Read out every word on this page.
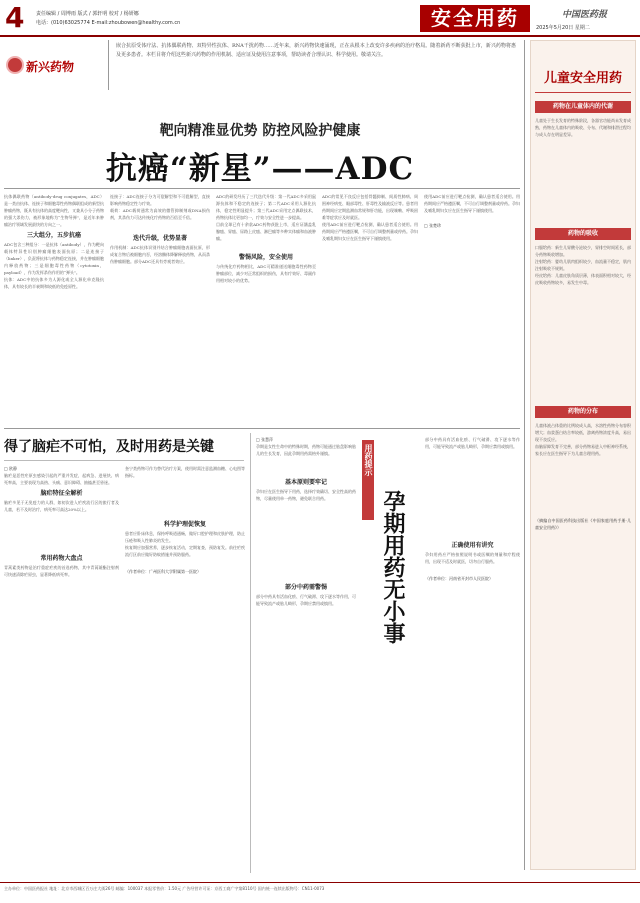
4 责任编辑 / 周博雨 版式 / 郭轩明 校对 / 杨妍娜
电话：(010)63025774 E-mail:zhoubowen@healthy.com.cn	安全用药	中国医药报
2025年5月20日 星期二
新兴药物
嵌合抗原受体疗法、抗体偶联药物、双特异性抗体、RNA干扰药物……近年来，新兴药物快速涌现，正在从根本上改变许多疾病的治疗格局。随着新药不断获批上市，新兴药物将惠及更多患者。本栏目将介绍这些新兴药物的作用机制、适应证及使用注意事项，帮助读者合理认识、科学使用。敬请关注。
靶向精准显优势 防控风险护健康
抗癌“新星”——ADC
抗体偶联药物（antibody-drug conjugates，ADC）是一类由抗体、连接子和细胞毒性药物偶联组成的新型抗肿瘤药物，既具有抗体的高度靶向性，又兼具小分子药物的强大杀伤力，被形象地称为“生物导弹”，是近年来肿瘤治疗领域发展最快的方向之一。
三大组分，五步抗癌
ADC包含三种组分：一是抗体（antibody），作为靶向载体特异性识别肿瘤细胞表面抗原；二是连接子（linker），负责将抗体与药物稳定连接，并在肿瘤细胞内释放药物；三是细胞毒性药物（cytotoxin，payload），作为发挥杀伤作用的“弹头”。
抗体：ADC中的抗体多为人源化或全人源化单克隆抗体，具有较长的半衰期和较低的免疫原性。
连接子：ADC连接子分为可裂解型和不可裂解型，直接影响药物稳定性与疗效。
载荷：ADC载荷通常为高效的微管抑制剂或DNA损伤剂，其杀伤力可达传统化疗药物的百倍至千倍。
迭代升级，优势显著
作用机制：ADC抗体识别并结合肿瘤细胞表面抗原，形成复合物后被细胞内吞，经溶酶体降解释放药物，从而杀伤肿瘤细胞。部分ADC还具有旁观者效应。
ADC的研发经历了三代迭代升级：第一代ADC多采用鼠源抗体和不稳定的连接子；第二代ADC采用人源化抗体，稳定性明显提升；第三代ADC采用定点偶联技术，药物抗体比更加均一，疗效与安全性进一步提高。
目前全球已有十余款ADC药物获批上市，适应证涵盖乳腺癌、胃癌、尿路上皮癌、淋巴瘤等多种实体瘤和血液肿瘤。
警惕风险，安全使用
与传统化疗药物相比，ADC可精准递送细胞毒性药物至肿瘤部位，减少对正常组织的损伤，具有疗效好、毒副作用相对较小的优势。
ADC的常见不良反应包括骨髓抑制、间质性肺病、周围神经病变、眼部毒性、肝毒性及输液反应等。患者用药期间应定期监测血常规和肝功能，出现咳嗽、呼吸困难等症状应及时就医。
使用ADC前应进行靶点检测，确认患者适合使用。用药期间应严格遵医嘱，不可自行调整剂量或停药。孕妇及哺乳期妇女应在医生指导下谨慎使用。
使用ADC前应进行靶点检测，确认患者适合使用。用药期间应严格遵医嘱，不可自行调整剂量或停药。孕妇及哺乳期妇女应在医生指导下谨慎使用。
□ 张楚珍
得了脑疟不可怕，及时用药是关键
□ 欧静
脑疟是恶性疟原虫感染引起的严重并发症，起病急、进展快、病死率高，主要表现为高热、头痛、意识障碍、抽搐甚至昏迷。
脑疟特征全解析
脑疟多见于无免疫力的人群，如初次进入疟疾流行区的旅行者及儿童，若不及时治疗，病死率可高达20%以上。
常用药物大盘点
青蒿素类药物是治疗重症疟疾的首选药物，其中青蒿琥酯注射剂可快速清除疟原虫，显著降低病死率。
奎宁类药物可作为替代治疗方案，使用时需注意监测血糖、心电图等指标。
科学护理促恢复
患者应卧床休息，保持呼吸道通畅，做好口腔护理和皮肤护理，防止压疮和吸入性肺炎的发生。
恢复期应加强营养，逐步恢复活动，定期复查，预防复发。前往疟疾流行区前应做好防蚊措施并预防服药。
（作者单位：广州医科大学附属第一医院）
□ 张慧萍
孕期是女性生命中的特殊时期，药物可能通过胎盘影响胎儿的生长发育，因此孕期用药需格外谨慎。
基本原则要牢记
孕妇应在医生指导下用药，选择疗效确切、安全性高的药物，尽量使用单一药物，避免联合用药。
部分中药需警惕
部分中药具有活血化瘀、行气破滞、攻下逐水等作用，可能导致流产或胎儿畸形，孕期应禁用或慎用。
用药提示
孕期用药无小事
部分中药具有活血化瘀、行气破滞、攻下逐水等作用，可能导致流产或胎儿畸形，孕期应禁用或慎用。
正确使用有讲究
孕妇用药应严格按照说明书或医嘱的剂量和疗程使用，出现不适及时就医，切勿自行服药。
（作者单位：河南省开封市人民医院）
儿童安全用药
药物在儿童体内的代谢
儿童处于生长发育的特殊阶段，各器官功能尚未发育成熟，药物在儿童体内的吸收、分布、代谢和排泄过程均与成人存在明显差异。
药物的吸收
口服给药：新生儿胃酸分泌较少，胃排空时间延长，部分药物吸收增加。
注射给药：婴幼儿肌肉组织较少，血流量不稳定，肌内注射吸收不规则。
经皮给药：儿童皮肤角质层薄，体表面积相对较大，经皮吸收药物较多，易发生中毒。
药物的分布
儿童体液占体重的比例较成人高，水溶性药物分布容积增大；血浆蛋白结合率较低，游离药物浓度升高，易出现不良反应。
血脑屏障发育不完善，部分药物易进入中枢神经系统，家长应在医生指导下为儿童合理用药。
（摘编自中国医药科技出版社《中国家庭用药手册·儿童安全用药》）
主办单位：中国医药报社 地址：北京市西城区百万庄大街26号 邮编：100037 本报零售价：1.50元 广告经营许可证：京西工商广字第8110号 国内统一连续出版物号：CN11-0073
